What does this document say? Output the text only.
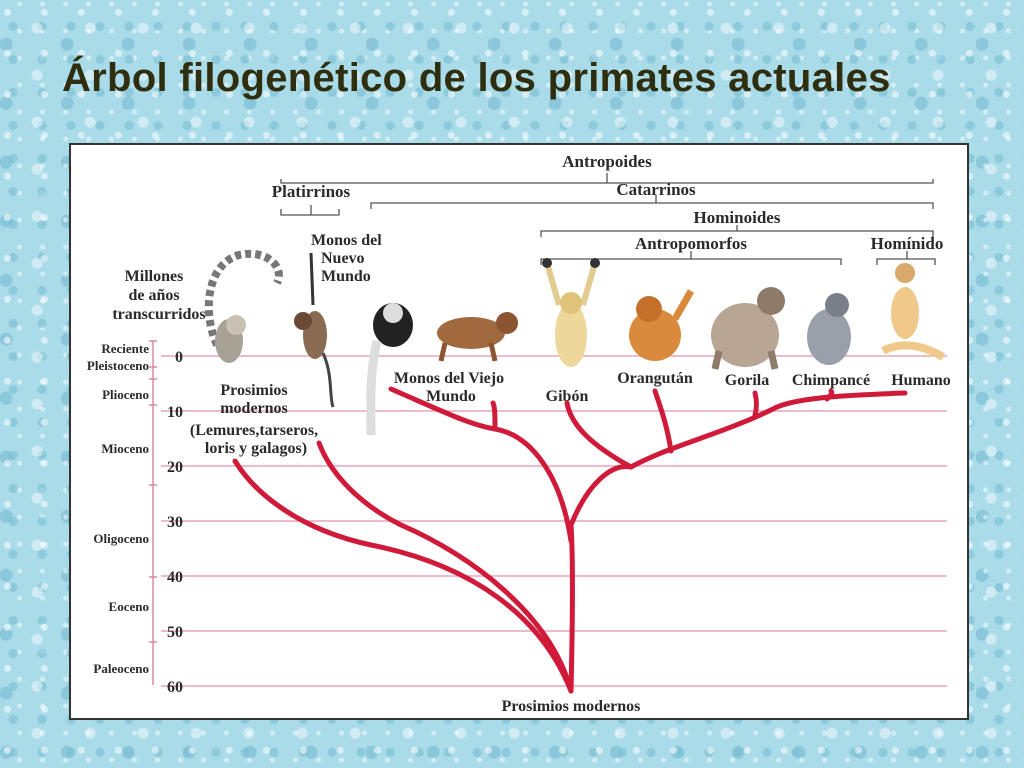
Árbol filogenético de los primates actuales
Millones de años transcurridos
Reciente
Pleistoceno
Plioceno
Mioceno
Oligoceno
Eoceno
Paleoceno
0
10
20
30
40
50
60
Antropoides
Platirrinos	Catarrinos
Hominoides
Antropomorfos	Homínido
Prosimios modernos (Lemures,tarseros, loris y galagos)
Monos del Nuevo Mundo
Monos del Viejo Mundo	Gibón
Orangután Gorila Chimpancé Humano
Prosimios modernos
